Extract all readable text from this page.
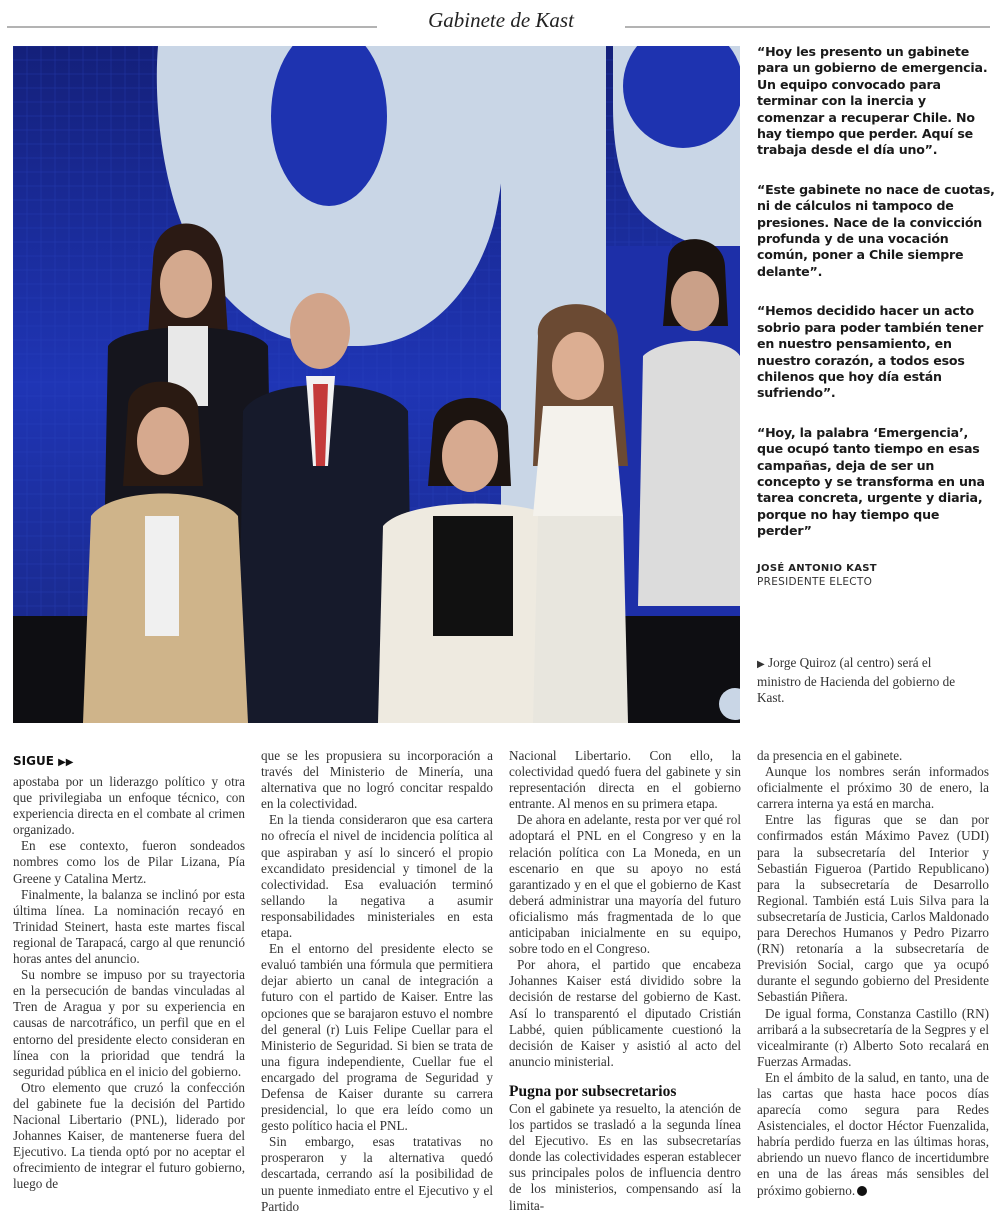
Gabinete de Kast

“Hoy les presento un gabinete para un gobierno de emergencia. Un equipo convocado para terminar con la inercia y comenzar a recuperar Chile. No hay tiempo que perder. Aquí se trabaja desde el día uno”.

“Este gabinete no nace de cuotas, ni de cálculos ni tampoco de presiones. Nace de la convicción profunda y de una vocación común, poner a Chile siempre delante”.

“Hemos decidido hacer un acto sobrio para poder también tener en nuestro pensamiento, en nuestro corazón, a todos esos chilenos que hoy día están sufriendo”.

“Hoy, la palabra ‘Emergencia’, que ocupó tanto tiempo en esas campañas, deja de ser un concepto y se transforma en una tarea concreta, urgente y diaria, porque no hay tiempo que perder”

JOSÉ ANTONIO KAST
PRESIDENTE ELECTO
▶ Jorge Quiroz (al centro) será el ministro de Hacienda del gobierno de Kast.
SIGUE ▶▶

apostaba por un liderazgo político y otra que privilegiaba un enfoque técnico, con experiencia directa en el combate al crimen organizado.

En ese contexto, fueron sondeados nombres como los de Pilar Lizana, Pía Greene y Catalina Mertz.

Finalmente, la balanza se inclinó por esta última línea. La nominación recayó en Trinidad Steinert, hasta este martes fiscal regional de Tarapacá, cargo al que renunció horas antes del anuncio.

Su nombre se impuso por su trayectoria en la persecución de bandas vinculadas al Tren de Aragua y por su experiencia en causas de narcotráfico, un perfil que en el entorno del presidente electo consideran en línea con la prioridad que tendrá la seguridad pública en el inicio del gobierno.

Otro elemento que cruzó la confección del gabinete fue la decisión del Partido Nacional Libertario (PNL), liderado por Johannes Kaiser, de mantenerse fuera del Ejecutivo. La tienda optó por no aceptar el ofrecimiento de integrar el futuro gobierno, luego de

que se les propusiera su incorporación a través del Ministerio de Minería, una alternativa que no logró concitar respaldo en la colectividad.

En la tienda consideraron que esa cartera no ofrecía el nivel de incidencia política al que aspiraban y así lo sinceró el propio excandidato presidencial y timonel de la colectividad. Esa evaluación terminó sellando la negativa a asumir responsabilidades ministeriales en esta etapa.

En el entorno del presidente electo se evaluó también una fórmula que permitiera dejar abierto un canal de integración a futuro con el partido de Kaiser. Entre las opciones que se barajaron estuvo el nombre del general (r) Luis Felipe Cuellar para el Ministerio de Seguridad. Si bien se trata de una figura independiente, Cuellar fue el encargado del programa de Seguridad y Defensa de Kaiser durante su carrera presidencial, lo que era leído como un gesto político hacia el PNL.

Sin embargo, esas tratativas no prosperaron y la alternativa quedó descartada, cerrando así la posibilidad de un puente inmediato entre el Ejecutivo y el Partido

Nacional Libertario. Con ello, la colectividad quedó fuera del gabinete y sin representación directa en el gobierno entrante. Al menos en su primera etapa.

De ahora en adelante, resta por ver qué rol adoptará el PNL en el Congreso y en la relación política con La Moneda, en un escenario en que su apoyo no está garantizado y en el que el gobierno de Kast deberá administrar una mayoría del futuro oficialismo más fragmentada de lo que anticipaban inicialmente en su equipo, sobre todo en el Congreso.

Por ahora, el partido que encabeza Johannes Kaiser está dividido sobre la decisión de restarse del gobierno de Kast. Así lo transparentó el diputado Cristián Labbé, quien públicamente cuestionó la decisión de Kaiser y asistió al acto del anuncio ministerial.

Pugna por subsecretarios

Con el gabinete ya resuelto, la atención de los partidos se trasladó a la segunda línea del Ejecutivo. Es en las subsecretarías donde las colectividades esperan establecer sus principales polos de influencia dentro de los ministerios, compensando así la limita-

da presencia en el gabinete.

Aunque los nombres serán informados oficialmente el próximo 30 de enero, la carrera interna ya está en marcha.

Entre las figuras que se dan por confirmados están Máximo Pavez (UDI) para la subsecretaría del Interior y Sebastián Figueroa (Partido Republicano) para la subsecretaría de Desarrollo Regional. También está Luis Silva para la subsecretaría de Justicia, Carlos Maldonado para Derechos Humanos y Pedro Pizarro (RN) retonaría a la subsecretaría de Previsión Social, cargo que ya ocupó durante el segundo gobierno del Presidente Sebastián Piñera.

De igual forma, Constanza Castillo (RN) arribará a la subsecretaría de la Segpres y el vicealmirante (r) Alberto Soto recalará en Fuerzas Armadas.

En el ámbito de la salud, en tanto, una de las cartas que hasta hace pocos días aparecía como segura para Redes Asistenciales, el doctor Héctor Fuenzalida, habría perdido fuerza en las últimas horas, abriendo un nuevo flanco de incertidumbre en una de las áreas más sensibles del próximo gobierno.
